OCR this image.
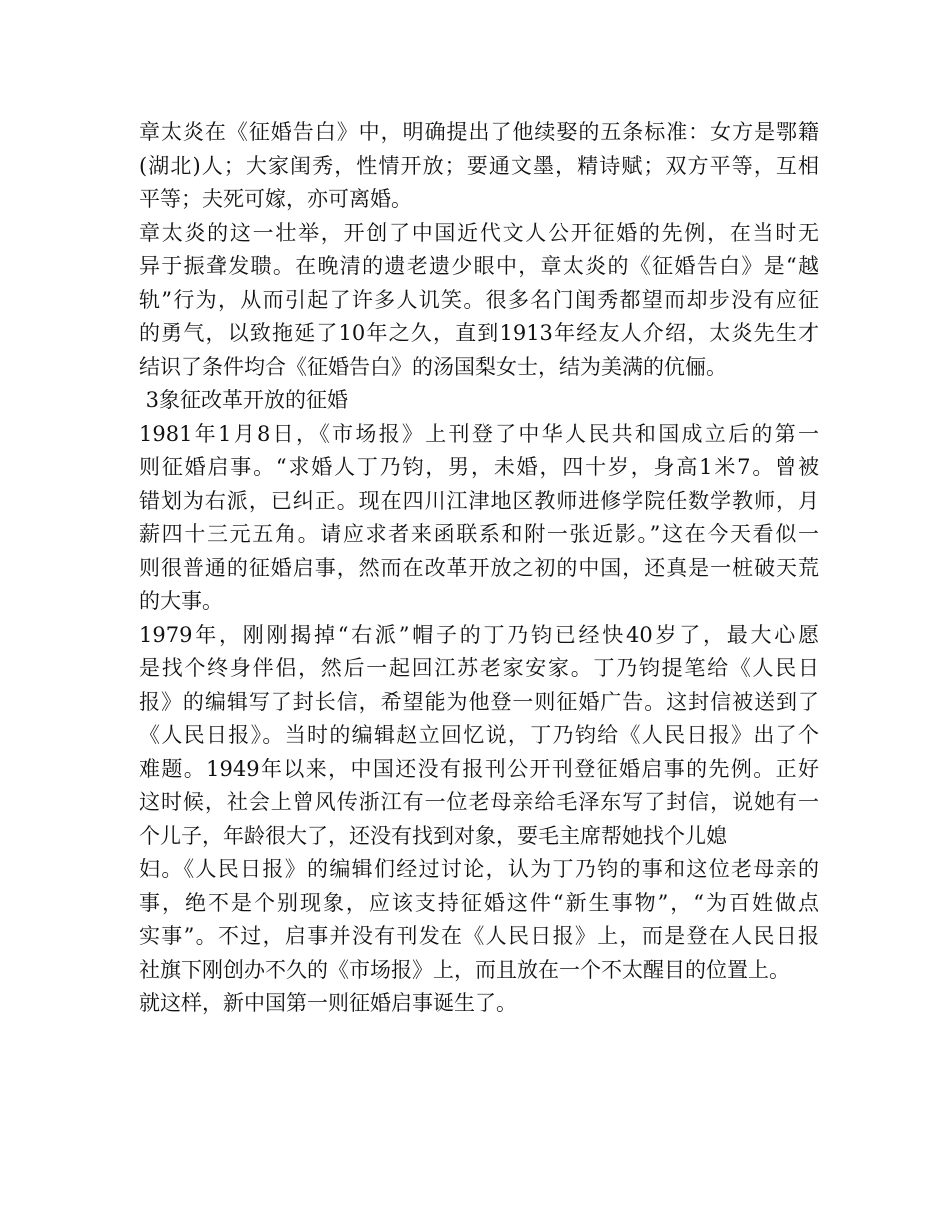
章太炎在《征婚告白》中，明确提出了他续娶的五条标准：女方是鄂籍
(湖北)人；大家闺秀，性情开放；要通文墨，精诗赋；双方平等，互相
平等；夫死可嫁，亦可离婚。
章太炎的这一壮举，开创了中国近代文人公开征婚的先例，在当时无
异于振聋发聩。在晚清的遗老遗少眼中，章太炎的《征婚告白》是“越
轨”行为，从而引起了许多人讥笑。很多名门闺秀都望而却步没有应征
的勇气，以致拖延了10年之久，直到1913年经友人介绍，太炎先生才
结识了条件均合《征婚告白》的汤国梨女士，结为美满的伉俪。
3象征改革开放的征婚
1981年1月8日，《市场报》上刊登了中华人民共和国成立后的第一
则征婚启事。“求婚人丁乃钧，男，未婚，四十岁，身高1米7。曾被
错划为右派，已纠正。现在四川江津地区教师进修学院任数学教师，月
薪四十三元五角。请应求者来函联系和附一张近影。”这在今天看似一
则很普通的征婚启事，然而在改革开放之初的中国，还真是一桩破天荒
的大事。
1979年，刚刚揭掉“右派”帽子的丁乃钧已经快40岁了，最大心愿
是找个终身伴侣，然后一起回江苏老家安家。丁乃钧提笔给《人民日
报》的编辑写了封长信，希望能为他登一则征婚广告。这封信被送到了
《人民日报》。当时的编辑赵立回忆说，丁乃钧给《人民日报》出了个
难题。1949年以来，中国还没有报刊公开刊登征婚启事的先例。正好
这时候，社会上曾风传浙江有一位老母亲给毛泽东写了封信，说她有一
个儿子，年龄很大了，还没有找到对象，要毛主席帮她找个儿媳
妇。《人民日报》的编辑们经过讨论，认为丁乃钧的事和这位老母亲的
事，绝不是个别现象，应该支持征婚这件“新生事物”，“为百姓做点
实事”。不过，启事并没有刊发在《人民日报》上，而是登在人民日报
社旗下刚创办不久的《市场报》上，而且放在一个不太醒目的位置上。
就这样，新中国第一则征婚启事诞生了。
